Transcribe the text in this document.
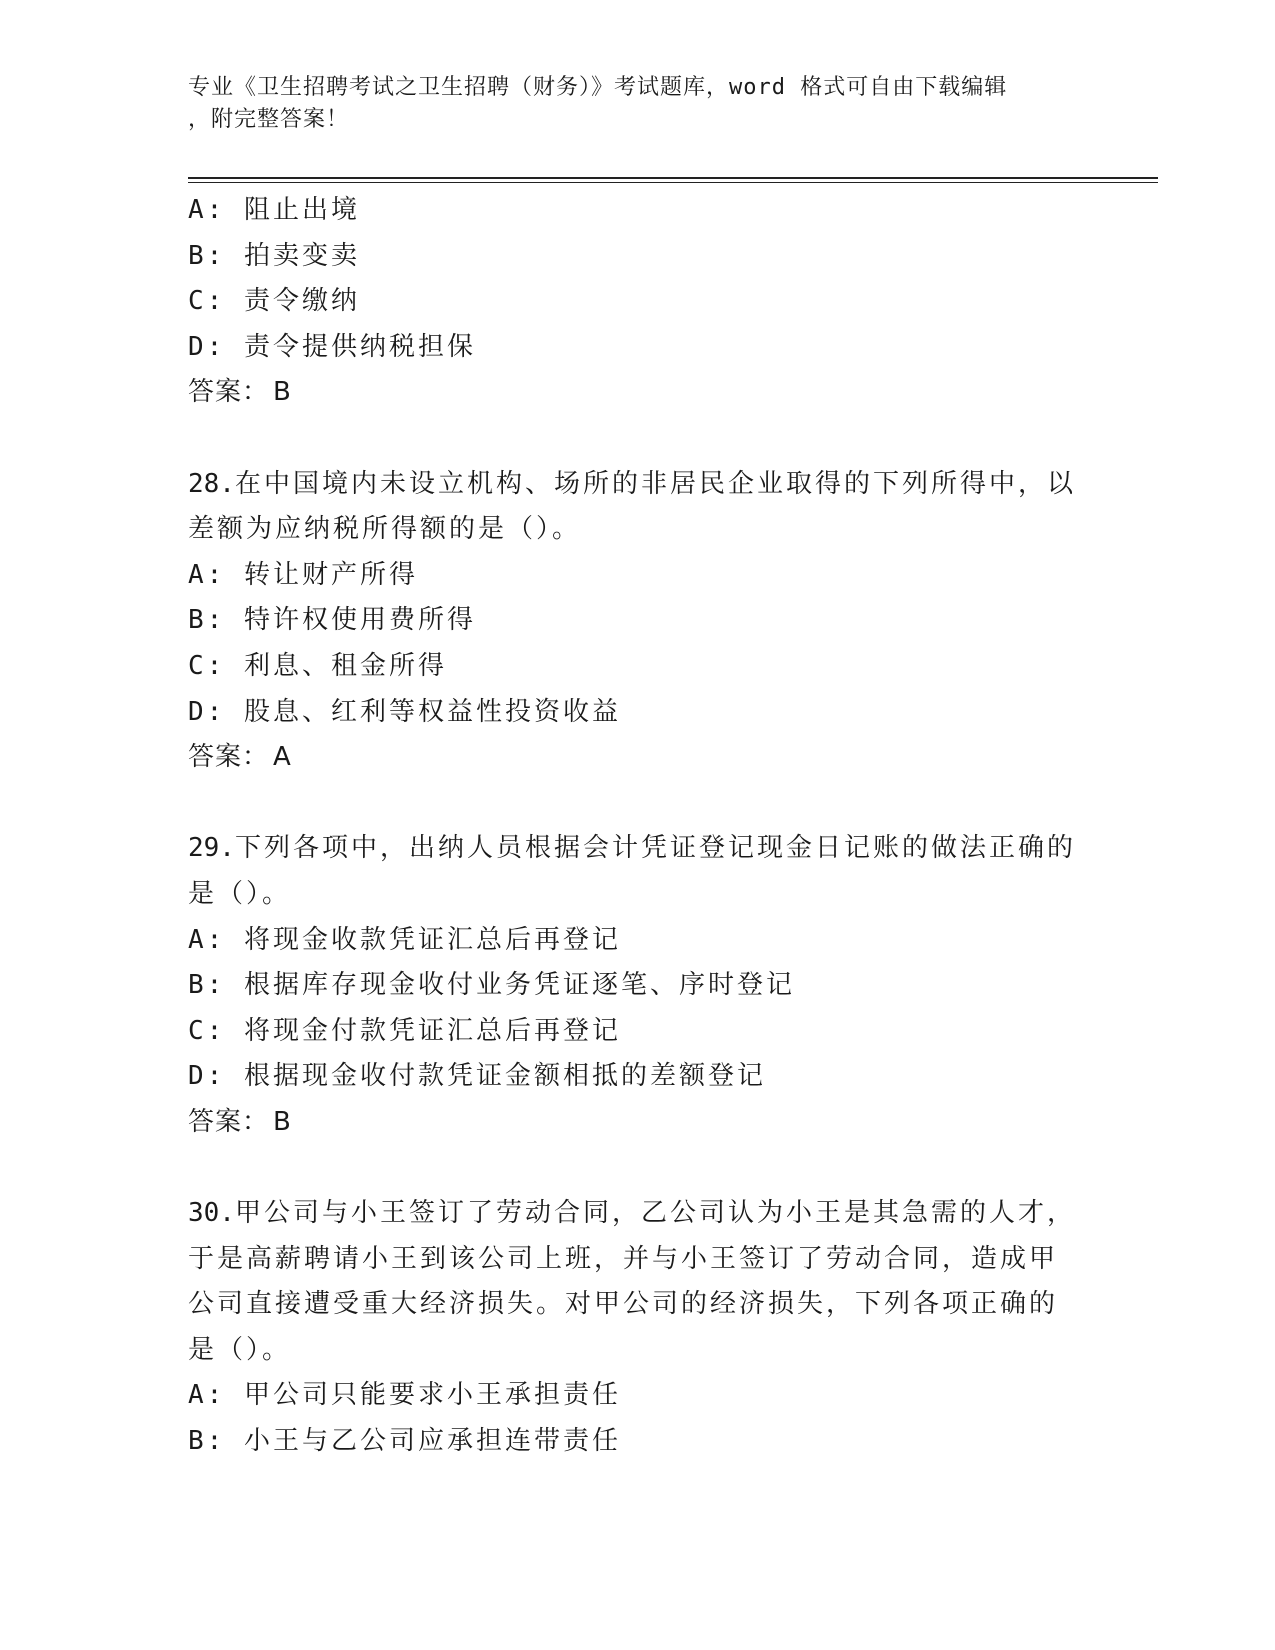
专业《卫生招聘考试之卫生招聘（财务）》考试题库，word 格式可自由下载编辑
，附完整答案！
A: 阻止出境
B: 拍卖变卖
C: 责令缴纳
D: 责令提供纳税担保
答案： B
28.在中国境内未设立机构、场所的非居民企业取得的下列所得中，以
差额为应纳税所得额的是（）。
A: 转让财产所得
B: 特许权使用费所得
C: 利息、租金所得
D: 股息、红利等权益性投资收益
答案： A
29.下列各项中，出纳人员根据会计凭证登记现金日记账的做法正确的
是（）。
A: 将现金收款凭证汇总后再登记
B: 根据库存现金收付业务凭证逐笔、序时登记
C: 将现金付款凭证汇总后再登记
D: 根据现金收付款凭证金额相抵的差额登记
答案： B
30.甲公司与小王签订了劳动合同，乙公司认为小王是其急需的人才，
于是高薪聘请小王到该公司上班，并与小王签订了劳动合同，造成甲
公司直接遭受重大经济损失。对甲公司的经济损失，下列各项正确的
是（）。
A: 甲公司只能要求小王承担责任
B: 小王与乙公司应承担连带责任
